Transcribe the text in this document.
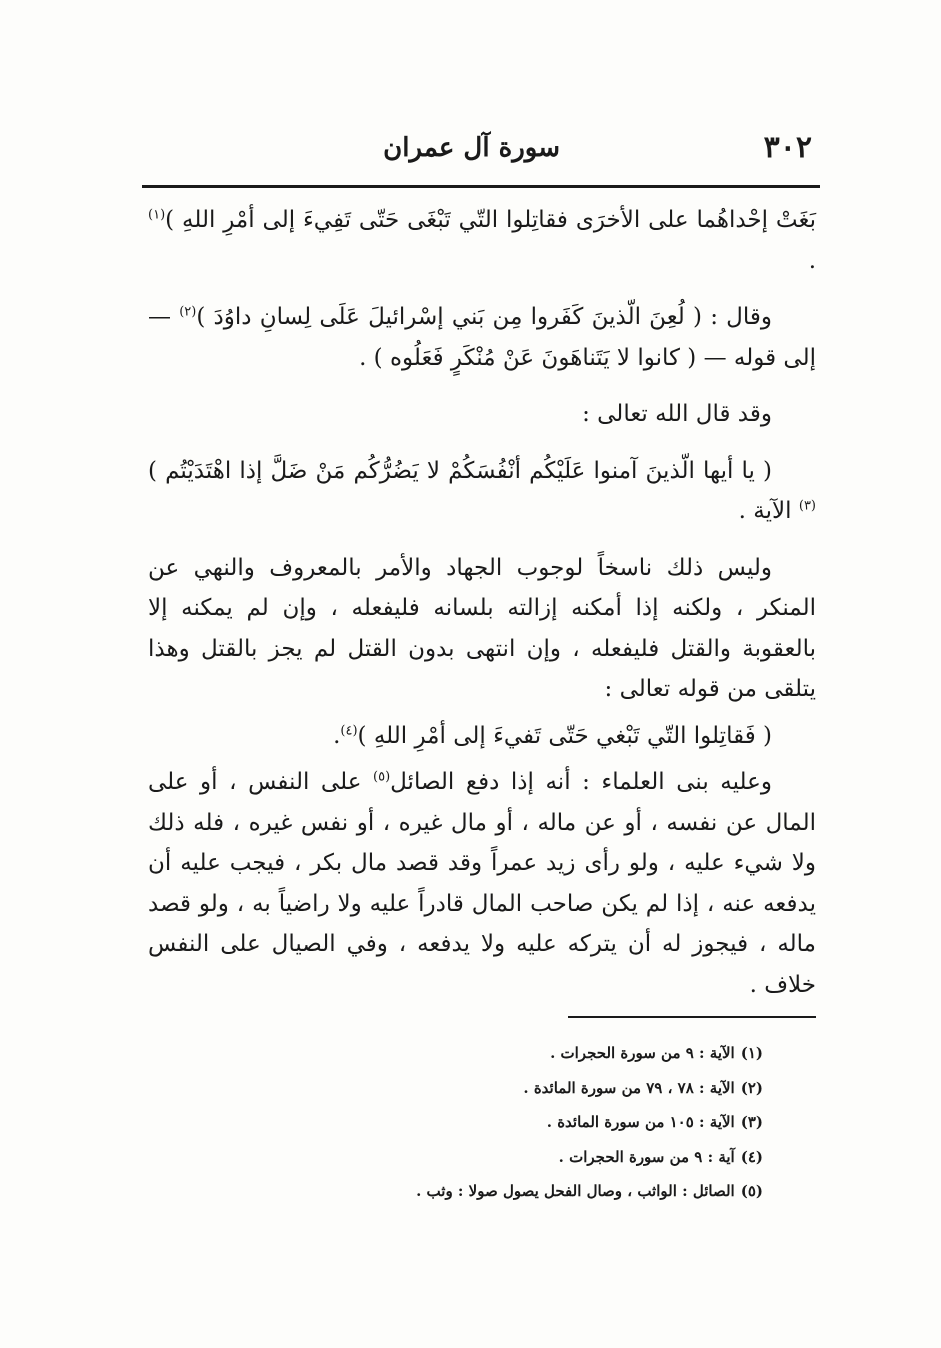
٣٠٢
سورة آل عمران

بَغَتْ إحْداهُما على الأخرَى فقاتِلوا التّي تَبْغَى حَتّى تَفِيءَ إلى أمْرِ اللهِ )$^{(١)}$ .

وقال : ( لُعِنَ الّذينَ كَفَروا مِن بَني إسْرائيلَ عَلَى لِسانِ داوُدَ )$^{(٢)}$ — إلى قوله — ( كانوا لا يَتَناهَونَ عَنْ مُنْكَرٍ فَعَلُوه ) .

وقد قال الله تعالى :

( يا أيها الّذينَ آمنوا عَلَيْكُم أنْفُسَكُمْ لا يَضُرُّكُم مَنْ ضَلَّ إذا اهْتَدَيْتُم )$^{(٣)}$ الآية .

وليس ذلك ناسخاً لوجوب الجهاد والأمر بالمعروف والنهي عن المنكر ، ولكنه إذا أمكنه إزالته بلسانه فليفعله ، وإن لم يمكنه إلا بالعقوبة والقتل فليفعله ، وإن انتهى بدون القتل لم يجز بالقتل وهذا يتلقى من قوله تعالى :

( فَقاتِلوا التّي تَبْغي حَتّى تَفيءَ إلى أمْرِ اللهِ )$^{(٤)}$.

وعليه بنى العلماء : أنه إذا دفع الصائل$^{(٥)}$ على النفس ، أو على المال عن نفسه ، أو عن ماله ، أو مال غيره ، أو نفس غيره ، فله ذلك ولا شيء عليه ، ولو رأى زيد عمراً وقد قصد مال بكر ، فيجب عليه أن يدفعه عنه ، إذا لم يكن صاحب المال قادراً عليه ولا راضياً به ، ولو قصد ماله ، فيجوز له أن يتركه عليه ولا يدفعه ، وفي الصيال على النفس خلاف .

(١)الآية : ٩ من سورة الحجرات .
(٢)الآية : ٧٨ ، ٧٩ من سورة المائدة .
(٣)الآية : ١٠٥ من سورة المائدة .
(٤)آية : ٩ من سورة الحجرات .
(٥)الصائل : الواثب ، وصال الفحل يصول صولا : وثب .
